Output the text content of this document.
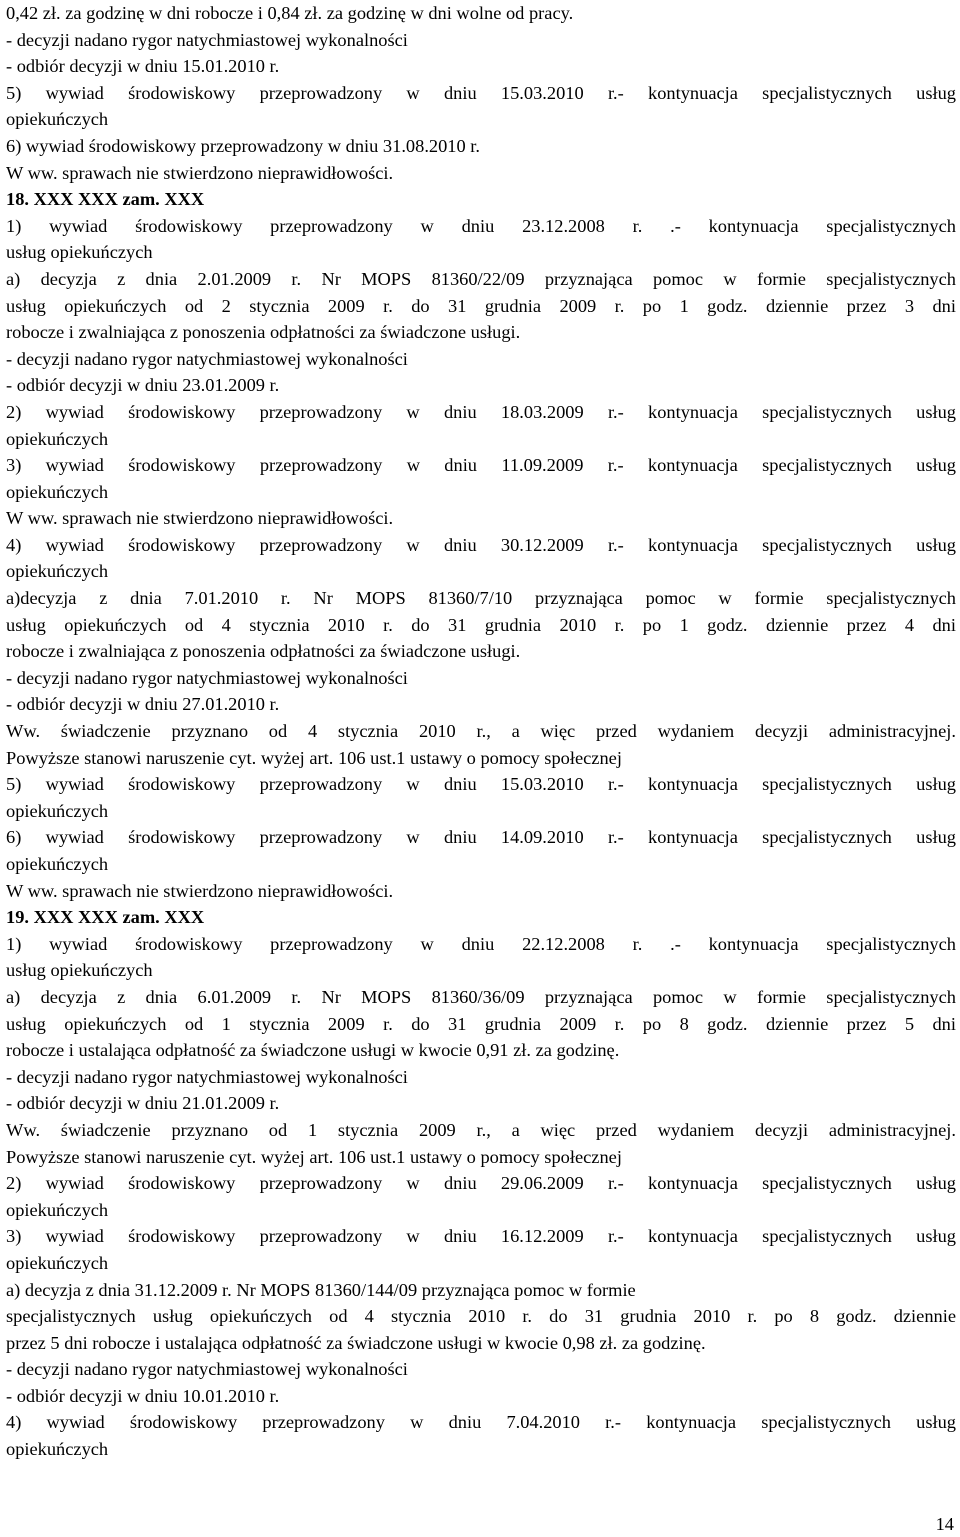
0,42 zł. za godzinę w dni robocze i 0,84 zł. za godzinę w dni wolne od pracy.
- decyzji nadano rygor natychmiastowej wykonalności
- odbiór decyzji w dniu 15.01.2010 r.
5) wywiad środowiskowy przeprowadzony w dniu 15.03.2010 r.- kontynuacja specjalistycznych usług
opiekuńczych
6) wywiad środowiskowy przeprowadzony w dniu 31.08.2010 r.
W ww. sprawach nie stwierdzono nieprawidłowości.
18. XXX XXX zam. XXX
1) wywiad środowiskowy przeprowadzony w dniu 23.12.2008 r. .- kontynuacja specjalistycznych
usług opiekuńczych
a) decyzja z dnia 2.01.2009 r. Nr MOPS 81360/22/09 przyznająca pomoc w formie specjalistycznych
usług opiekuńczych od 2 stycznia 2009 r. do 31 grudnia 2009 r. po 1 godz. dziennie przez 3 dni
robocze i zwalniająca z ponoszenia odpłatności za świadczone usługi.
- decyzji nadano rygor natychmiastowej wykonalności
- odbiór decyzji w dniu 23.01.2009 r.
2) wywiad środowiskowy przeprowadzony w dniu 18.03.2009 r.- kontynuacja specjalistycznych usług
opiekuńczych
3) wywiad środowiskowy przeprowadzony w dniu 11.09.2009 r.- kontynuacja specjalistycznych usług
opiekuńczych
W ww. sprawach nie stwierdzono nieprawidłowości.
4) wywiad środowiskowy przeprowadzony w dniu 30.12.2009 r.- kontynuacja specjalistycznych usług
opiekuńczych
a)decyzja z dnia 7.01.2010 r. Nr MOPS 81360/7/10 przyznająca pomoc w formie specjalistycznych
usług opiekuńczych od 4 stycznia 2010 r. do 31 grudnia 2010 r. po 1 godz. dziennie przez 4 dni
robocze i zwalniająca z ponoszenia odpłatności za świadczone usługi.
- decyzji nadano rygor natychmiastowej wykonalności
- odbiór decyzji w dniu 27.01.2010 r.
Ww. świadczenie przyznano od 4 stycznia 2010 r., a więc przed wydaniem decyzji administracyjnej.
Powyższe stanowi naruszenie cyt. wyżej art. 106 ust.1 ustawy o pomocy społecznej
5) wywiad środowiskowy przeprowadzony w dniu 15.03.2010 r.- kontynuacja specjalistycznych usług
opiekuńczych
6) wywiad środowiskowy przeprowadzony w dniu 14.09.2010 r.- kontynuacja specjalistycznych usług
opiekuńczych
W ww. sprawach nie stwierdzono nieprawidłowości.
19. XXX XXX zam. XXX
1) wywiad środowiskowy przeprowadzony w dniu 22.12.2008 r. .- kontynuacja specjalistycznych
usług opiekuńczych
a) decyzja z dnia 6.01.2009 r. Nr MOPS 81360/36/09 przyznająca pomoc w formie specjalistycznych
usług opiekuńczych od 1 stycznia 2009 r. do 31 grudnia 2009 r. po 8 godz. dziennie przez 5 dni
robocze i ustalająca odpłatność za świadczone usługi w kwocie 0,91 zł. za godzinę.
- decyzji nadano rygor natychmiastowej wykonalności
- odbiór decyzji w dniu 21.01.2009 r.
Ww. świadczenie przyznano od 1 stycznia 2009 r., a więc przed wydaniem decyzji administracyjnej.
Powyższe stanowi naruszenie cyt. wyżej art. 106 ust.1 ustawy o pomocy społecznej
2) wywiad środowiskowy przeprowadzony w dniu 29.06.2009 r.- kontynuacja specjalistycznych usług
opiekuńczych
3) wywiad środowiskowy przeprowadzony w dniu 16.12.2009 r.- kontynuacja specjalistycznych usług
opiekuńczych
a) decyzja z dnia 31.12.2009 r. Nr MOPS 81360/144/09 przyznająca pomoc w formie
specjalistycznych usług opiekuńczych od 4 stycznia 2010 r. do 31 grudnia 2010 r. po 8 godz. dziennie
przez 5 dni robocze i ustalająca odpłatność za świadczone usługi w kwocie 0,98 zł. za godzinę.
- decyzji nadano rygor natychmiastowej wykonalności
- odbiór decyzji w dniu 10.01.2010 r.
4) wywiad środowiskowy przeprowadzony w dniu 7.04.2010 r.- kontynuacja specjalistycznych usług
opiekuńczych
14
